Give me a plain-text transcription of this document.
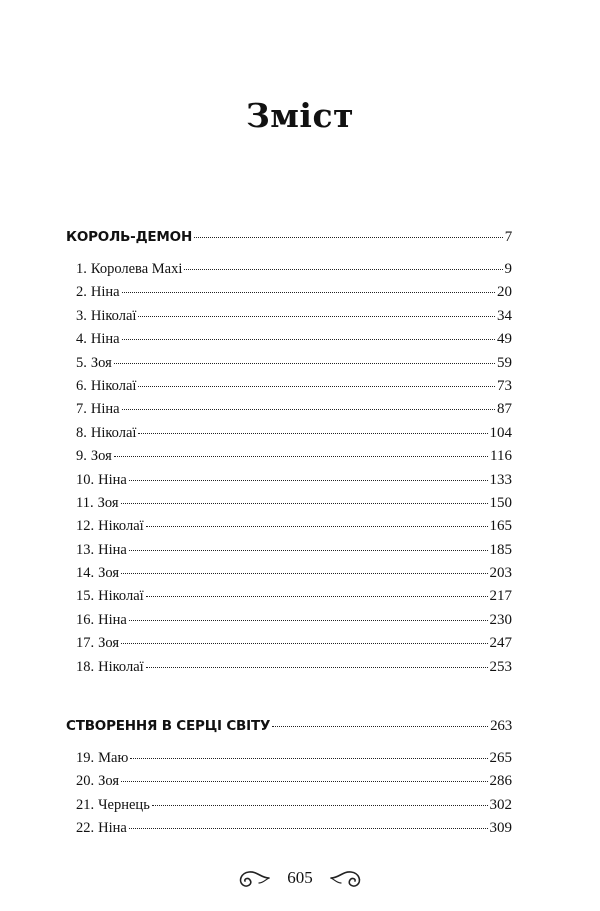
Зміст
КОРОЛЬ-ДЕМОН	7
1. Королева Махі	9
2. Ніна	20
3. Ніколаї	34
4. Ніна	49
5. Зоя	59
6. Ніколаї	73
7. Ніна	87
8. Ніколаї	104
9. Зоя	116
10. Ніна	133
11. Зоя	150
12. Ніколаї	165
13. Ніна	185
14. Зоя	203
15. Ніколаї	217
16. Ніна	230
17. Зоя	247
18. Ніколаї	253
СТВОРЕННЯ В СЕРЦІ СВІТУ	263
19. Маю	265
20. Зоя	286
21. Чернець	302
22. Ніна	309
605
